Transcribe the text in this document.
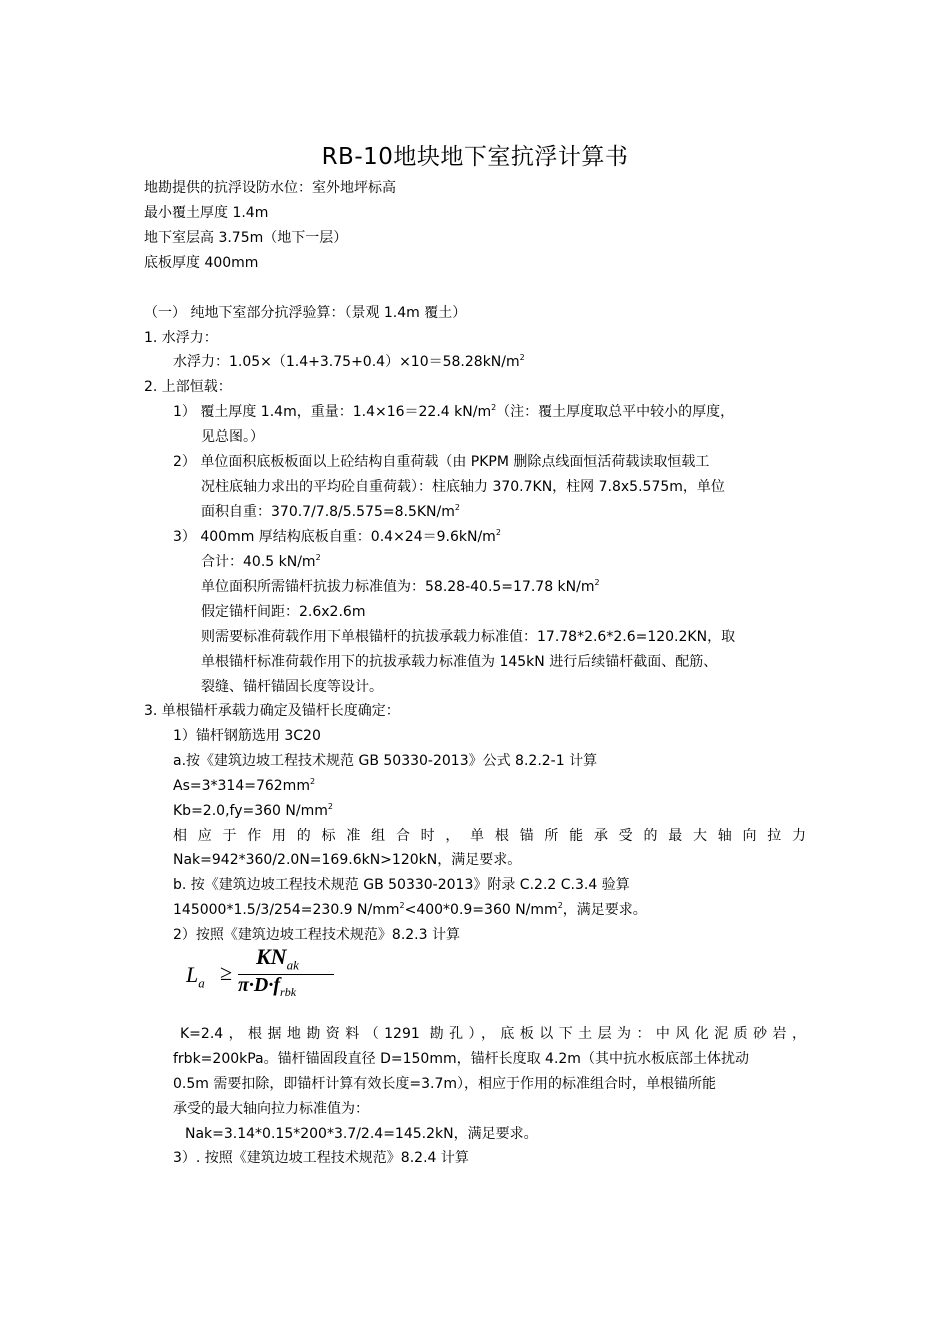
RB-10地块地下室抗浮计算书
地勘提供的抗浮设防水位：室外地坪标高
最小覆土厚度 1.4m
地下室层高 3.75m（地下一层）
底板厚度 400mm
（一） 纯地下室部分抗浮验算：（景观 1.4m 覆土）
1. 水浮力：
水浮力：$1.05\times(1.4+3.75+0.4)\times 10=58.28kN/m^2$
2. 上部恒载：
1） 覆土厚度 1.4m，重量：1.4×16＝22.4 $kN/m^2$（注：覆土厚度取总平中较小的厚度，
见总图。）
2） 单位面积底板板面以上砼结构自重荷载（由 PKPM 删除点线面恒活荷载读取恒载工
况柱底轴力求出的平均砼自重荷载）：柱底轴力 370.7KN，柱网 7.8x5.575m，单位
面积自重：$370.7/7.8/5.575=8.5KN/m^2$
3） 400mm 厚结构底板自重：$0.4\times 24=9.6kN/m^2$
合计：40.5 $kN/m^2$
单位面积所需锚杆抗拔力标准值为：58.28-40.5=17.78 $kN/m^2$
假定锚杆间距：2.6x2.6m
则需要标准荷载作用下单根锚杆的抗拔承载力标准值：17.78*2.6*2.6=120.2KN，取
单根锚杆标准荷载作用下的抗拔承载力标准值为 145kN 进行后续锚杆截面、配筋、
裂缝、锚杆锚固长度等设计。
3. 单根锚杆承载力确定及锚杆长度确定：
1）锚杆钢筋选用 3C20
a.按《建筑边坡工程技术规范 GB 50330-2013》公式 8.2.2-1 计算
$As=3*314=762mm^2$
Kb=2.0,fy=360 $N/mm^2$
相应于作用的标准组合时，单根锚所能承受的最大轴向拉力
Nak=942*360/2.0N=169.6kN>120kN，满足要求。
b. 按《建筑边坡工程技术规范 GB 50330-2013》附录 C.2.2 C.3.4 验算
145000*1.5/3/254=230.9 $N/mm^2<400*0.9=360$ $N/mm^2$，满足要求。
2）按照《建筑边坡工程技术规范》8.2.3 计算
$L_a$ ≥
$KN_{ak}$
$\pi\cdot D\cdot f_{rbk}$
K=2.4，根据地勘资料（1291 勘孔），底板以下土层为：中风化泥质砂岩，
frbk=200kPa。锚杆锚固段直径 D=150mm，锚杆长度取 4.2m（其中抗水板底部土体扰动
0.5m 需要扣除，即锚杆计算有效长度=3.7m），相应于作用的标准组合时，单根锚所能
承受的最大轴向拉力标准值为：
Nak=3.14*0.15*200*3.7/2.4=145.2kN，满足要求。
3）. 按照《建筑边坡工程技术规范》8.2.4 计算
